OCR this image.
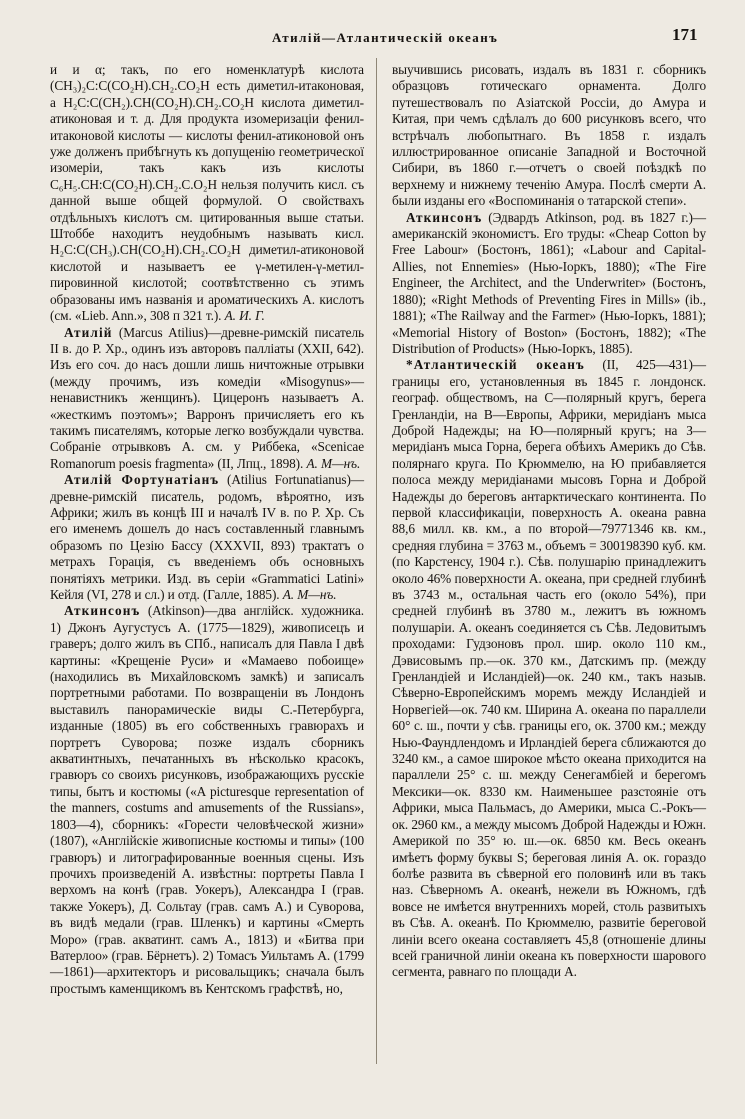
Атилій—Атлантическій океанъ	171

и и α; такъ, по его номенклатурѣ кислота (CH₃)₂C:C(CO₂H).CH₂.CO₂H есть диметил-итаконовая, а H₂C:C(CH₂).CH(CO₂H).CH₂.CO₂H кислота диметил-атиконовая и т. д. Для продукта изомеризаціи фенил-итаконовой кислоты — кислоты фенил-атиконовой онъ уже долженъ прибѣгнуть къ допущенію геометрическої изомеріи, такъ какъ изъ кислоты C₆H₅.CH:C(CO₂H).CH₂.C.O₂H нельзя получить кисл. съ данной выше общей формулой. О свойствахъ отдѣльныхъ кислотъ см. цитированныя выше статьи. Штоббе находитъ неудобнымъ называть кисл. H₂C:C(CH₃).CH(CO₂H).CH₂.CO₂H диметил-атиконовой кислотой и называетъ ее γ-метилен-γ-метил-пировинной кислотой; соотвѣтственно съ этимъ образованы имъ названія и ароматическихъ А. кислотъ (см. «Lieb. Ann.», 308 п 321 т.). А. И. Г.

Атилій (Marcus Atilius)—древне-римскій писатель II в. до Р. Хр., одинъ изъ авторовъ палліаты (XXII, 642). Изъ его соч. до насъ дошли лишь ничтожные отрывки (между прочимъ, изъ комедіи «Misogynus»—ненавистникъ женщинъ). Цицеронъ называетъ А. «жесткимъ поэтомъ»; Варронъ причисляетъ его къ такимъ писателямъ, которые легко возбуждали чувства. Собраніе отрывковъ А. см. у Риббека, «Scenicae Romanorum poesis fragmenta» (II, Лпц., 1898). А. М—нъ.

Атилій Фортунатіанъ (Atilius Fortunatianus)—древне-римскій писатель, родомъ, вѣроятно, изъ Африки; жилъ въ концѣ III и началѣ IV в. по Р. Хр. Съ его именемъ дошелъ до насъ составленный главнымъ образомъ по Цезію Бассу (XXXVII, 893) трактатъ о метрахъ Горація, съ введеніемъ объ основныхъ понятіяхъ метрики. Изд. въ серіи «Grammatici Latini» Кейля (VI, 278 и сл.) и отд. (Галле, 1885). А. М—нъ.

Аткинсонъ (Atkinson)—два англійск. художника. 1) Джонъ Аугустусъ А. (1775—1829), живописецъ и граверъ; долго жилъ въ СПб., написалъ для Павла I двѣ картины: «Крещеніе Руси» и «Мамаево побоище» (находились въ Михайловскомъ замкѣ) и записалъ портретными работами. По возвращеніи въ Лондонъ выставилъ панорамическіе виды С.-Петербурга, изданные (1805) въ его собственныхъ гравюрахъ и портретъ Суворова; позже издалъ сборникъ акватинтныхъ, печатанныхъ въ нѣсколько красокъ, гравюръ со своихъ рисунковъ, изображающихъ русскіе типы, бытъ и костюмы («A picturesque representation of the manners, costums and amusements of the Russians», 1803—4), сборникъ: «Горести человѣческой жизни» (1807), «Англійскіе живописные костюмы и типы» (100 гравюръ) и литографированные военныя сцены. Изъ прочихъ произведеній А. извѣстны: портреты Павла I верхомъ на конѣ (грав. Уокеръ), Александра I (грав. также Уокеръ), Д. Сольтау (грав. самъ А.) и Суворова, въ видѣ медали (грав. Шленкъ) и картины «Смерть Моро» (грав. акватинт. самъ А., 1813) и «Битва при Ватерлоо» (грав. Бёрнетъ). 2) Томасъ Уильтамъ А. (1799—1861)—архитекторъ и рисовальщикъ; сначала былъ простымъ каменщикомъ въ Кентскомъ графствѣ, но,

выучившись рисовать, издалъ въ 1831 г. сборникъ образцовъ готическаго орнамента. Долго путешествовалъ по Азіатской Россіи, до Амура и Китая, при чемъ сдѣлалъ до 600 рисунковъ всего, что встрѣчалъ любопытнаго. Въ 1858 г. издалъ иллюстрированное описаніе Западной и Восточной Сибири, въ 1860 г.—отчетъ о своей поѣздкѣ по верхнему и нижнему теченію Амура. Послѣ смерти А. были изданы его «Воспоминанія о татарской степи».

Аткинсонъ (Эдвардъ Atkinson, род. въ 1827 г.)—американскій экономистъ. Его труды: «Cheap Cotton by Free Labour» (Бостонъ, 1861); «Labour and Capital-Allies, not Ennemies» (Нью-Іоркъ, 1880); «The Fire Engineer, the Architect, and the Underwriter» (Бостонъ, 1880); «Right Methods of Preventing Fires in Mills» (ib., 1881); «The Railway and the Farmer» (Нью-Іоркъ, 1881); «Memorial History of Boston» (Бостонъ, 1882); «The Distribution of Products» (Нью-Іоркъ, 1885).

*Атлантическій океанъ (II, 425—431)—границы его, установленныя въ 1845 г. лондонск. географ. обществомъ, на С—полярный кругъ, берега Гренландіи, на В—Европы, Африки, меридіанъ мыса Доброй Надежды; на Ю—полярный кругъ; на З—меридіанъ мыса Горна, берега обѣихъ Америкъ до Сѣв. полярнаго круга. По Крюммелю, на Ю прибавляется полоса между меридіанами мысовъ Горна и Доброй Надежды до береговъ антарктическаго континента. По первой классификаціи, поверхность А. океана равна 88,6 милл. кв. км., а по второй—79771346 кв. км., средняя глубина = 3763 м., объемъ = 300198390 куб. км. (по Карстенсу, 1904 г.). Сѣв. полушарію принадлежитъ около 46% поверхности А. океана, при средней глубинѣ въ 3743 м., остальная часть его (около 54%), при средней глубинѣ въ 3780 м., лежитъ въ южномъ полушаріи. А. океанъ соединяется съ Сѣв. Ледовитымъ проходами: Гудзоновъ прол. шир. около 110 км., Дэвисовымъ пр.—ок. 370 км., Датскимъ пр. (между Гренландіей и Исландіей)—ок. 240 км., такъ назыв. Сѣверно-Европейскимъ моремъ между Исландіей и Норвегіей—ок. 740 км. Ширина А. океана по параллели 60° с. ш., почти у сѣв. границы его, ок. 3700 км.; между Нью-Фаундлендомъ и Ирландіей берега сближаются до 3240 км., а самое широкое мѣсто океана приходится на параллели 25° с. ш. между Сенегамбіей и берегомъ Мексики—ок. 8330 км. Наименьшее разстояніе отъ Африки, мыса Пальмасъ, до Америки, мыса С.-Рокъ—ок. 2960 км., а между мысомъ Доброй Надежды и Южн. Америкой по 35° ю. ш.—ок. 6850 км. Весь океанъ имѣетъ форму буквы S; береговая линія А. ок. гораздо болѣе развита въ сѣверной его половинѣ или въ такъ наз. Сѣверномъ А. океанѣ, нежели въ Южномъ, гдѣ вовсе не имѣется внутреннихъ морей, столь развитыхъ въ Сѣв. А. океанѣ. По Крюммелю, развитіе береговой линіи всего океана составляетъ 45,8 (отношеніе длины всей граничной линіи океана къ поверхности шарового сегмента, равнаго по площади А.
